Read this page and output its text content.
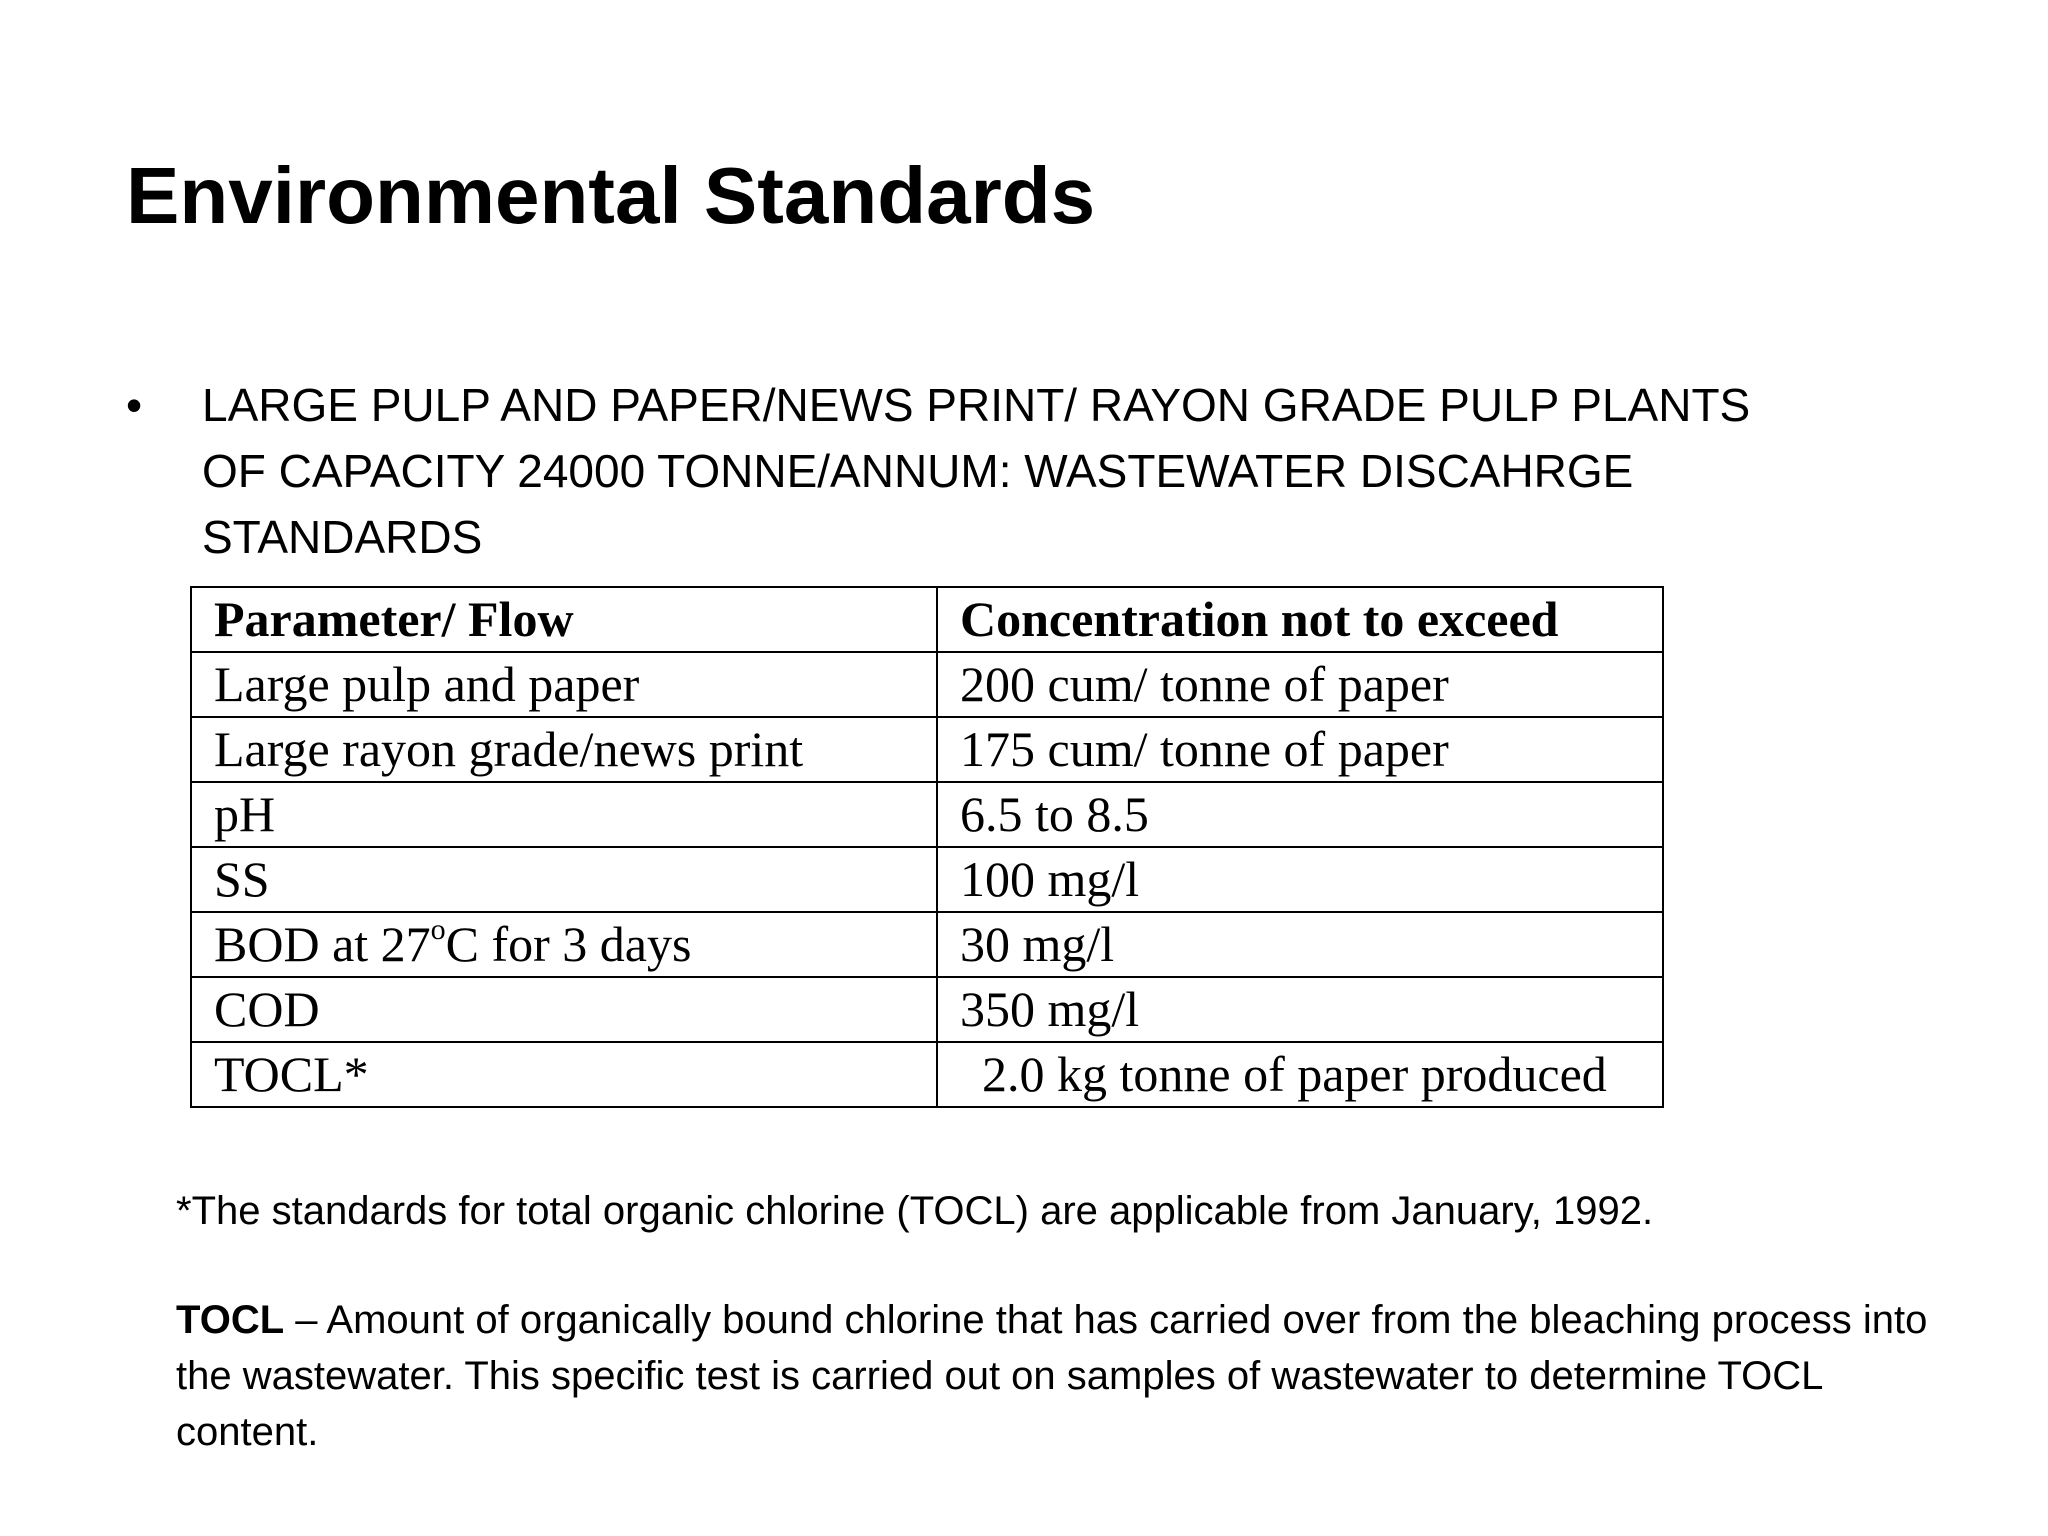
Environmental Standards
• LARGE PULP AND PAPER/NEWS PRINT/ RAYON GRADE PULP PLANTS OF CAPACITY 24000 TONNE/ANNUM: WASTEWATER DISCAHRGE STANDARDS
Parameter/ Flow	Concentration not to exceed
Large pulp and paper	200 cum/ tonne of paper
Large rayon grade/news print	175 cum/ tonne of paper
pH	6.5 to 8.5
SS	100 mg/l
BOD at 27$^o$C for 3 days	30 mg/l
COD	350 mg/l
TOCL*	2.0 kg tonne of paper produced

*The standards for total organic chlorine (TOCL) are applicable from January, 1992.

TOCL – Amount of organically bound chlorine that has carried over from the bleaching process into the wastewater. This specific test is carried out on samples of wastewater to determine TOCL content.
